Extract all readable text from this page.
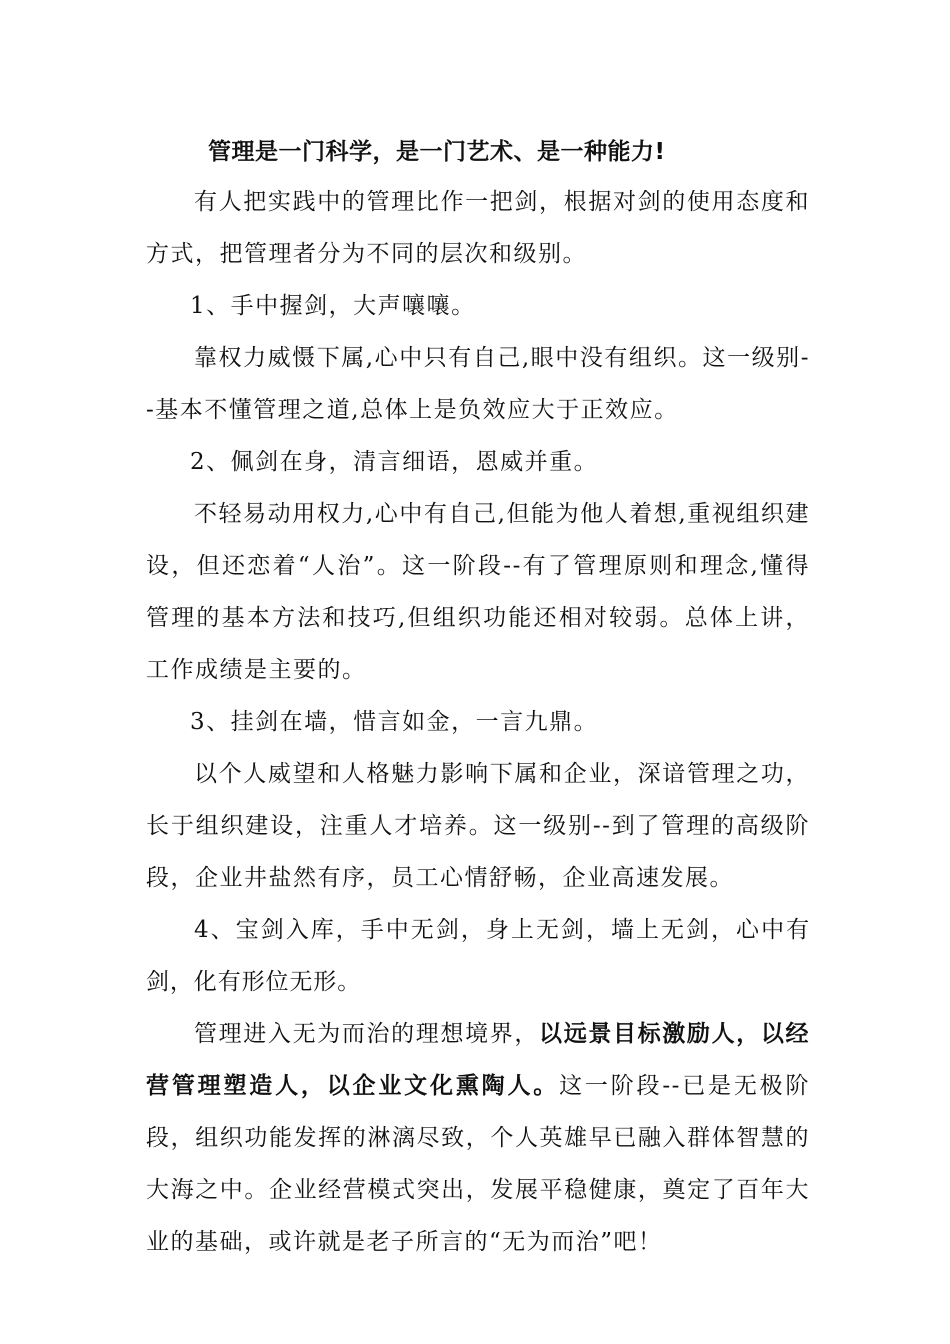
管理是一门科学，是一门艺术、是一种能力!

有人把实践中的管理比作一把剑，根据对剑的使用态度和方式，把管理者分为不同的层次和级别。

1、手中握剑，大声嚷嚷。

靠权力威慑下属,心中只有自己,眼中没有组织。这一级别--基本不懂管理之道,总体上是负效应大于正效应。

2、佩剑在身，清言细语，恩威并重。

不轻易动用权力,心中有自己,但能为他人着想,重视组织建设，但还恋着“人治”。这一阶段--有了管理原则和理念,懂得管理的基本方法和技巧,但组织功能还相对较弱。总体上讲，工作成绩是主要的。

3、挂剑在墙，惜言如金，一言九鼎。

以个人威望和人格魅力影响下属和企业，深谙管理之功，长于组织建设，注重人才培养。这一级别--到了管理的高级阶段，企业井盐然有序，员工心情舒畅，企业高速发展。

4、宝剑入库，手中无剑，身上无剑，墙上无剑，心中有剑，化有形位无形。

管理进入无为而治的理想境界，以远景目标激励人，以经营管理塑造人，以企业文化熏陶人。这一阶段--已是无极阶段，组织功能发挥的淋漓尽致，个人英雄早已融入群体智慧的大海之中。企业经营模式突出，发展平稳健康，奠定了百年大业的基础，或许就是老子所言的“无为而治”吧！
